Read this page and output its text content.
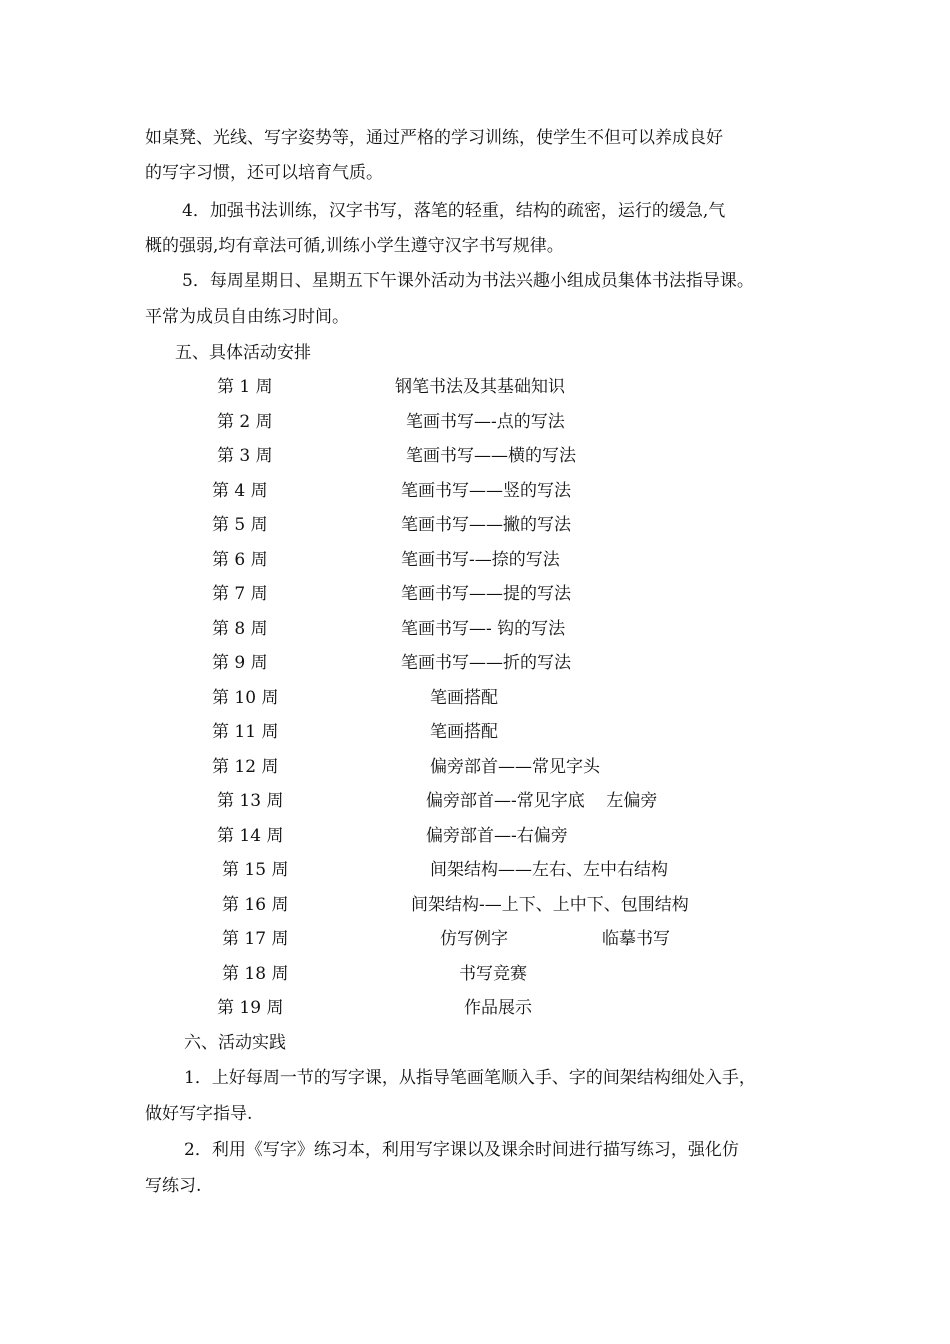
如桌凳、光线、写字姿势等，通过严格的学习训练，使学生不但可以养成良好
的写字习惯，还可以培育气质。
4．加强书法训练，汉字书写，落笔的轻重，结构的疏密，运行的缓急,气
概的强弱,均有章法可循,训练小学生遵守汉字书写规律。
5．每周星期日、星期五下午课外活动为书法兴趣小组成员集体书法指导课。
平常为成员自由练习时间。
五、具体活动安排
第 1 周	钢笔书法及其基础知识
第 2 周	笔画书写—-点的写法
第 3 周	笔画书写——横的写法
第 4 周	笔画书写——竖的写法
第 5 周	笔画书写——撇的写法
第 6 周	笔画书写-—捺的写法
第 7 周	笔画书写——提的写法
第 8 周	笔画书写—- 钩的写法
第 9 周	笔画书写——折的写法
第 10 周	笔画搭配
第 11 周	笔画搭配
第 12 周	偏旁部首——常见字头
第 13 周	偏旁部首—-常见字底    左偏旁
第 14 周	偏旁部首—-右偏旁
第 15 周	间架结构——左右、左中右结构
第 16 周	间架结构-—上下、上中下、包围结构
第 17 周	仿写例字	临摹书写
第 18 周	书写竞赛
第 19 周	作品展示
六、活动实践
1．上好每周一节的写字课，从指导笔画笔顺入手、字的间架结构细处入手，
做好写字指导.
2．利用《写字》练习本，利用写字课以及课余时间进行描写练习，强化仿
写练习.
